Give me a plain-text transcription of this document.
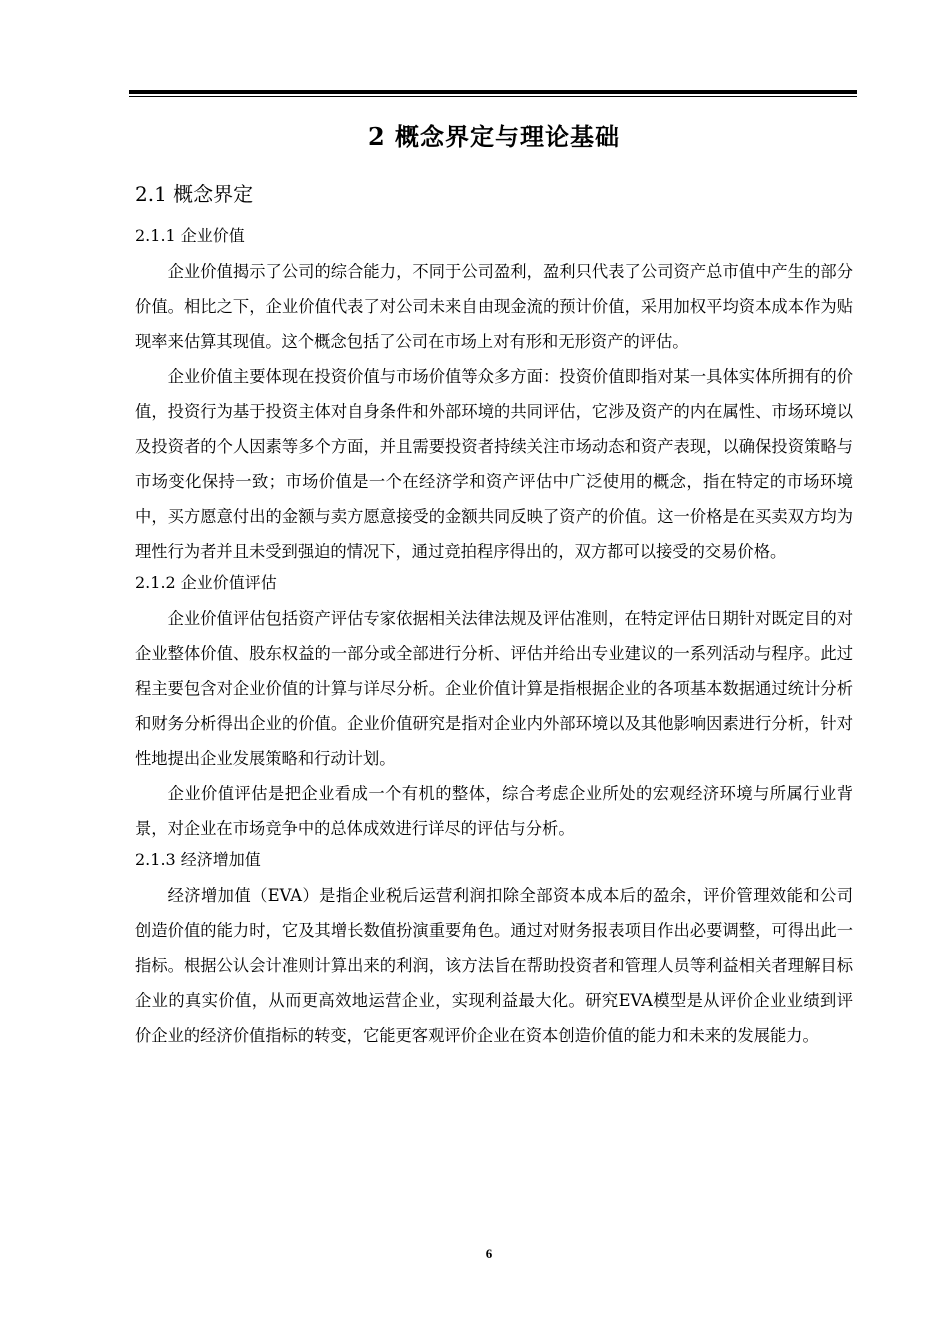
2 概念界定与理论基础
2.1 概念界定
2.1.1 企业价值

企业价值揭示了公司的综合能力，不同于公司盈利，盈利只代表了公司资产总市值中产生的部分价值。相比之下，企业价值代表了对公司未来自由现金流的预计价值，采用加权平均资本成本作为贴现率来估算其现值。这个概念包括了公司在市场上对有形和无形资产的评估。

企业价值主要体现在投资价值与市场价值等众多方面：投资价值即指对某一具体实体所拥有的价值，投资行为基于投资主体对自身条件和外部环境的共同评估，它涉及资产的内在属性、市场环境以及投资者的个人因素等多个方面，并且需要投资者持续关注市场动态和资产表现，以确保投资策略与市场变化保持一致；市场价值是一个在经济学和资产评估中广泛使用的概念，指在特定的市场环境中，买方愿意付出的金额与卖方愿意接受的金额共同反映了资产的价值。这一价格是在买卖双方均为理性行为者并且未受到强迫的情况下，通过竞拍程序得出的，双方都可以接受的交易价格。

2.1.2 企业价值评估

企业价值评估包括资产评估专家依据相关法律法规及评估准则，在特定评估日期针对既定目的对企业整体价值、股东权益的一部分或全部进行分析、评估并给出专业建议的一系列活动与程序。此过程主要包含对企业价值的计算与详尽分析。企业价值计算是指根据企业的各项基本数据通过统计分析和财务分析得出企业的价值。企业价值研究是指对企业内外部环境以及其他影响因素进行分析，针对性地提出企业发展策略和行动计划。

企业价值评估是把企业看成一个有机的整体，综合考虑企业所处的宏观经济环境与所属行业背景，对企业在市场竞争中的总体成效进行详尽的评估与分析。

2.1.3 经济增加值

经济增加值（EVA）是指企业税后运营利润扣除全部资本成本后的盈余，评价管理效能和公司创造价值的能力时，它及其增长数值扮演重要角色。通过对财务报表项目作出必要调整，可得出此一指标。根据公认会计准则计算出来的利润，该方法旨在帮助投资者和管理人员等利益相关者理解目标企业的真实价值，从而更高效地运营企业，实现利益最大化。研究EVA模型是从评价企业业绩到评价企业的经济价值指标的转变，它能更客观评价企业在资本创造价值的能力和未来的发展能力。

6
